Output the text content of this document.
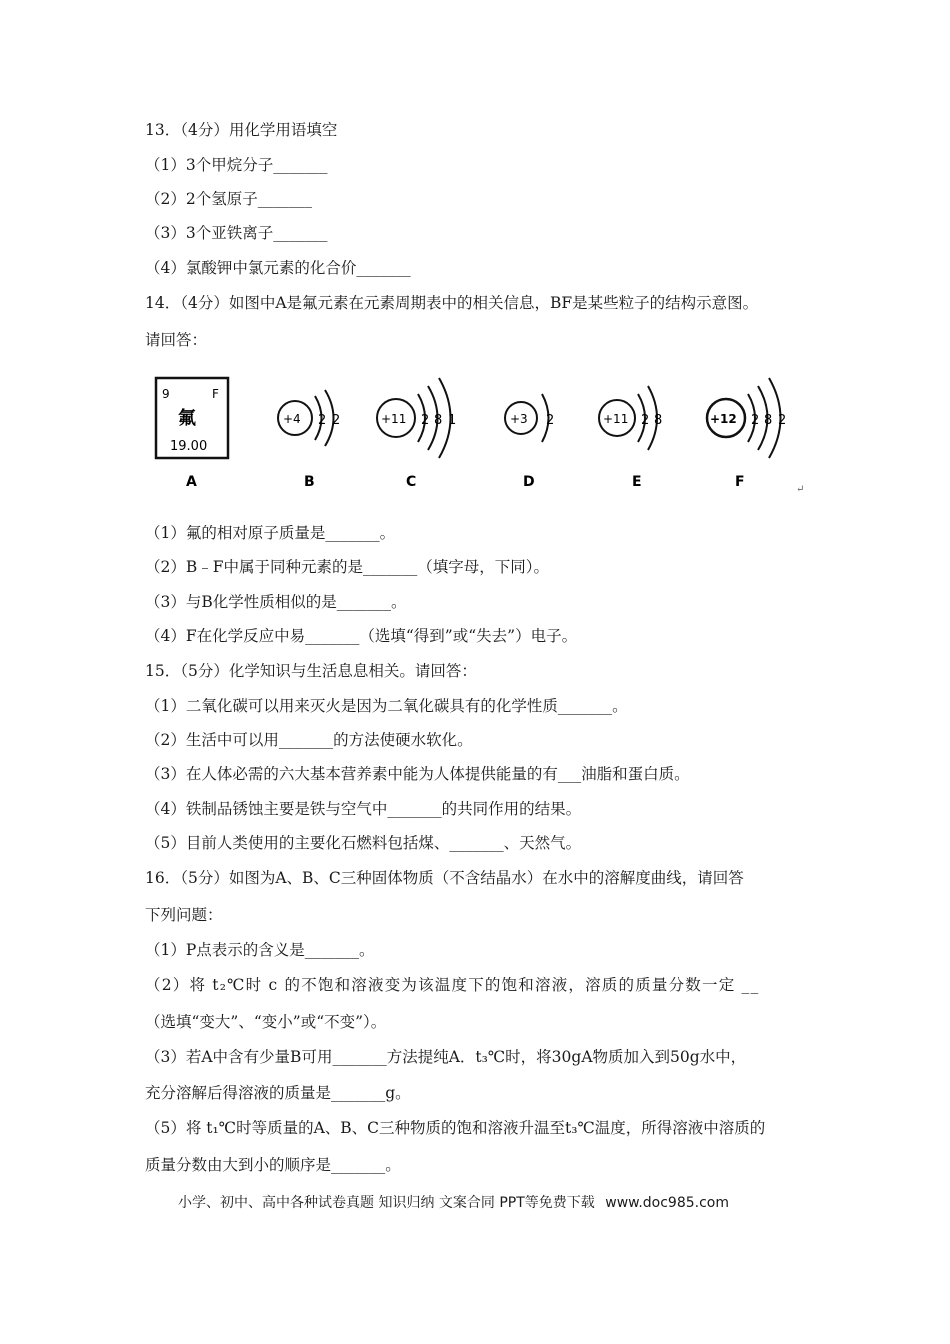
13．（4分）用化学用语填空
（1）3个甲烷分子_______
（2）2个氢原子_______
（3）3个亚铁离子_______
（4）氯酸钾中氯元素的化合价_______
14．（4分）如图中A是氟元素在元素周期表中的相关信息，BF是某些粒子的结构示意图。
请回答：
9	F
氟
19.00
+4 2 2	+11 2 8 1	+3 2	+11 2 8	+12 2 8 2
A	B	C	D	E	F	↵
（1）氟的相对原子质量是_______。
（2）B﹣F中属于同种元素的是_______（填字母，下同）。
（3）与B化学性质相似的是_______。
（4）F在化学反应中易_______（选填“得到”或“失去”）电子。
15．（5分）化学知识与生活息息相关。请回答：
（1）二氧化碳可以用来灭火是因为二氧化碳具有的化学性质_______。
（2）生活中可以用_______的方法使硬水软化。
（3）在人体必需的六大基本营养素中能为人体提供能量的有___油脂和蛋白质。
（4）铁制品锈蚀主要是铁与空气中_______的共同作用的结果。
（5）目前人类使用的主要化石燃料包括煤、_______、天然气。
16．（5分）如图为A、B、C三种固体物质（不含结晶水）在水中的溶解度曲线，请回答
下列问题：
（1）P点表示的含义是_______。
（2）将 t₂℃时 c 的不饱和溶液变为该温度下的饱和溶液，溶质的质量分数一定 __
（选填“变大”、“变小”或“不变”）。
（3）若A中含有少量B可用_______方法提纯A．t₃℃时，将30gA物质加入到50g水中，
充分溶解后得溶液的质量是_______g。
（5）将 t₁℃时等质量的A、B、C三种物质的饱和溶液升温至t₃℃温度，所得溶液中溶质的
质量分数由大到小的顺序是_______。
小学、初中、高中各种试卷真题 知识归纳 文案合同 PPT等免费下载 www.doc985.com
